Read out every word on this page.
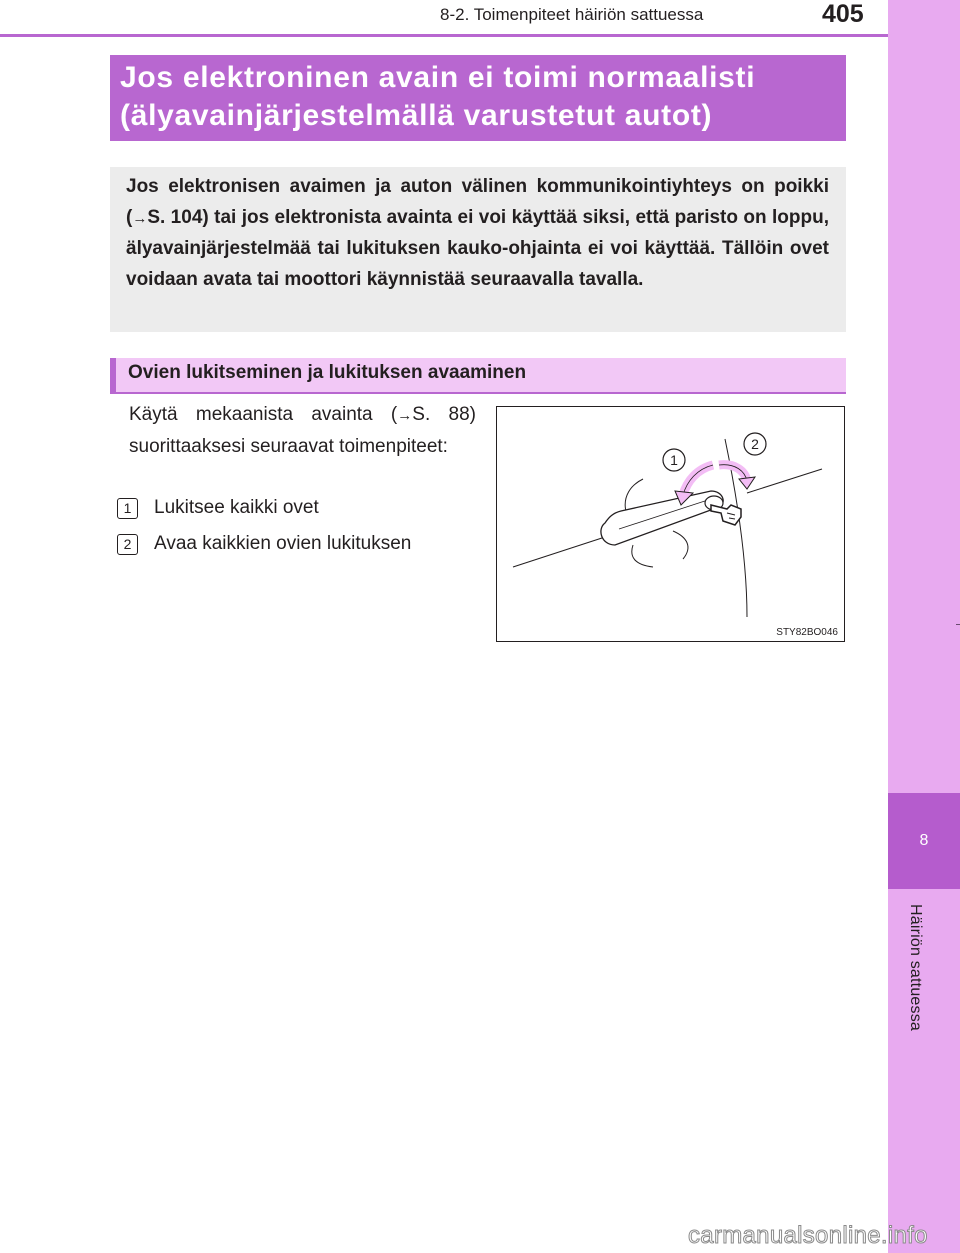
8-2. Toimenpiteet häiriön sattuessa	405
8
Häiriön sattuessa
Jos elektroninen avain ei toimi normaalisti
(älyavainjärjestelmällä varustetut autot)

Jos elektronisen avaimen ja auton välinen kommunikointiyhteys on poikki (→S. 104) tai jos elektronista avainta ei voi käyttää siksi, että paristo on loppu, älyavainjärjestelmää tai lukituksen kauko-ohjainta ei voi käyttää. Tällöin ovet voidaan avata tai moottori käynnistää seuraavalla tavalla.

Ovien lukitseminen ja lukituksen avaaminen

Käytä mekaanista avainta (→S. 88) suorittaaksesi seuraavat toimenpiteet:

1	Lukitsee kaikki ovet
2	Avaa kaikkien ovien lukituksen
1
2
STY82BO046
carmanualsonline.info
